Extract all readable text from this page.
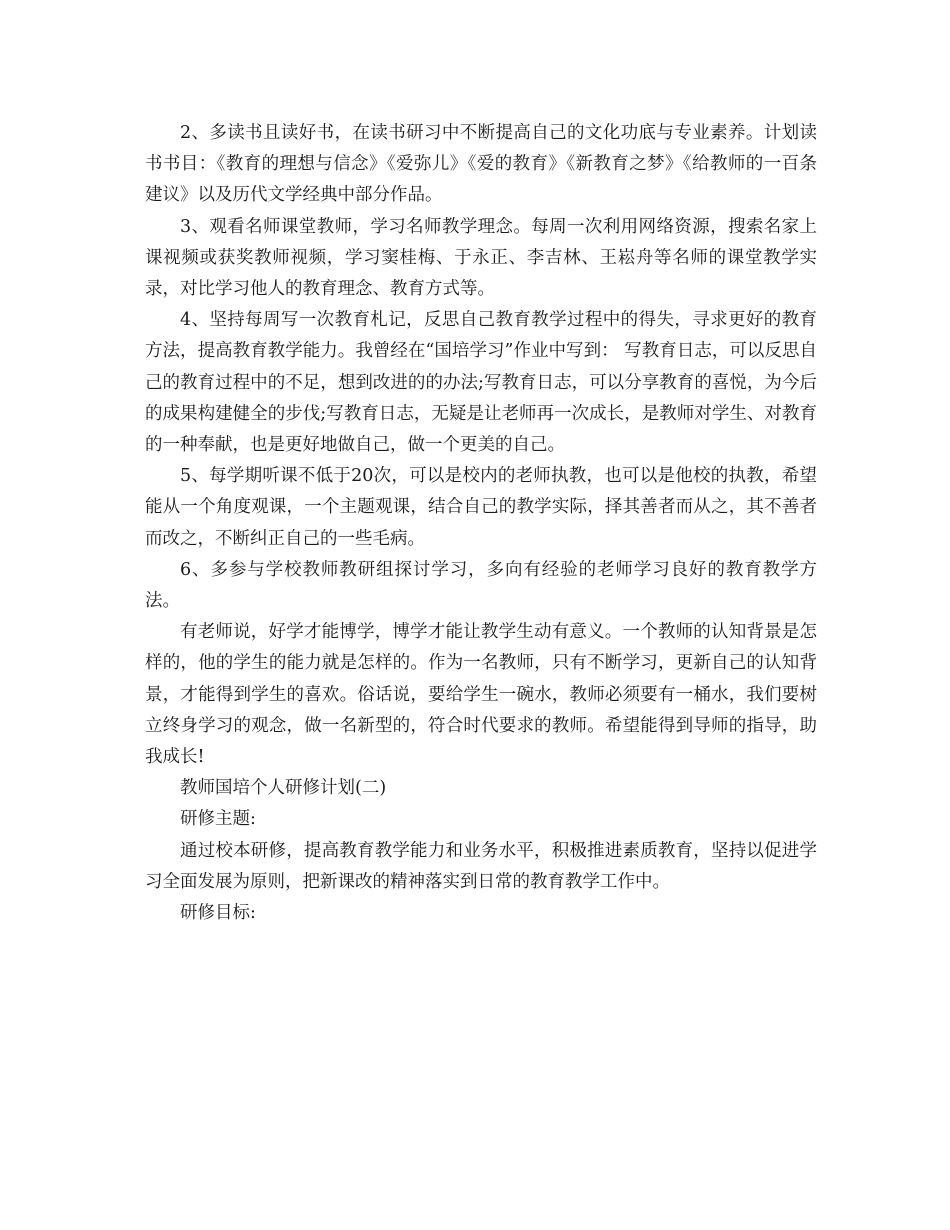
2、多读书且读好书，在读书研习中不断提高自己的文化功底与专业素养。计划读书书目：《教育的理想与信念》《爱弥儿》《爱的教育》《新教育之梦》《给教师的一百条建议》以及历代文学经典中部分作品。

3、观看名师课堂教师，学习名师教学理念。每周一次利用网络资源，搜索名家上课视频或获奖教师视频，学习窦桂梅、于永正、李吉林、王崧舟等名师的课堂教学实录，对比学习他人的教育理念、教育方式等。

4、坚持每周写一次教育札记，反思自己教育教学过程中的得失，寻求更好的教育方法，提高教育教学能力。我曾经在“国培学习”作业中写到： 写教育日志，可以反思自己的教育过程中的不足，想到改进的的办法;写教育日志，可以分享教育的喜悦，为今后的成果构建健全的步伐;写教育日志，无疑是让老师再一次成长，是教师对学生、对教育的一种奉献，也是更好地做自己，做一个更美的自己。

5、每学期听课不低于20次，可以是校内的老师执教，也可以是他校的执教，希望能从一个角度观课，一个主题观课，结合自己的教学实际，择其善者而从之，其不善者而改之，不断纠正自己的一些毛病。

6、多参与学校教师教研组探讨学习，多向有经验的老师学习良好的教育教学方法。

有老师说，好学才能博学，博学才能让教学生动有意义。一个教师的认知背景是怎样的，他的学生的能力就是怎样的。作为一名教师，只有不断学习，更新自己的认知背景，才能得到学生的喜欢。俗话说，要给学生一碗水，教师必须要有一桶水，我们要树立终身学习的观念，做一名新型的，符合时代要求的教师。希望能得到导师的指导，助我成长!

教师国培个人研修计划(二)

研修主题:

通过校本研修，提高教育教学能力和业务水平，积极推进素质教育，坚持以促进学习全面发展为原则，把新课改的精神落实到日常的教育教学工作中。

研修目标:
